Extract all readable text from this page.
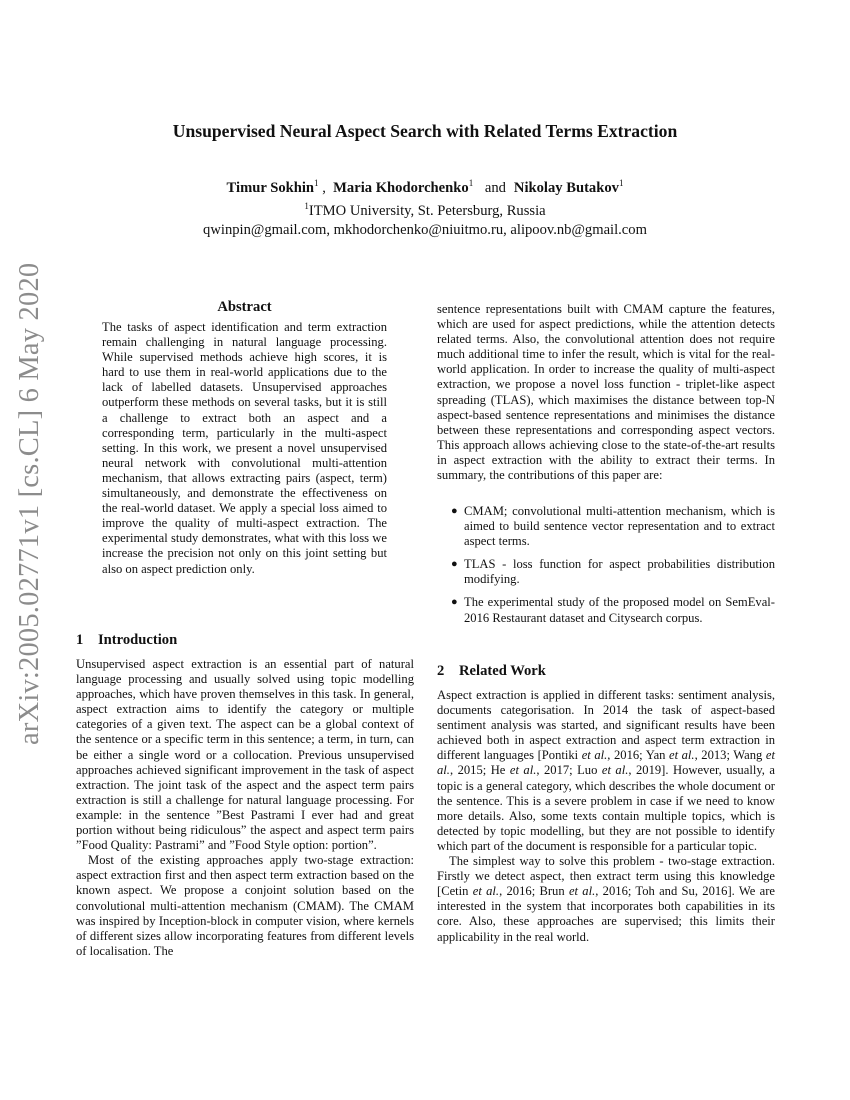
arXiv:2005.02771v1 [cs.CL] 6 May 2020
Unsupervised Neural Aspect Search with Related Terms Extraction
Timur Sokhin$^1$ , Maria Khodorchenko$^1$ and Nikolay Butakov$^1$
$^1$ITMO University, St. Petersburg, Russia
qwinpin@gmail.com, mkhodorchenko@niuitmo.ru, alipoov.nb@gmail.com
Abstract

The tasks of aspect identification and term extraction remain challenging in natural language processing. While supervised methods achieve high scores, it is hard to use them in real-world applications due to the lack of labelled datasets. Unsupervised approaches outperform these methods on several tasks, but it is still a challenge to extract both an aspect and a corresponding term, particularly in the multi-aspect setting. In this work, we present a novel unsupervised neural network with convolutional multi-attention mechanism, that allows extracting pairs (aspect, term) simultaneously, and demonstrate the effectiveness on the real-world dataset. We apply a special loss aimed to improve the quality of multi-aspect extraction. The experimental study demonstrates, what with this loss we increase the precision not only on this joint setting but also on aspect prediction only.

1 Introduction

Unsupervised aspect extraction is an essential part of natural language processing and usually solved using topic modelling approaches, which have proven themselves in this task. In general, aspect extraction aims to identify the category or multiple categories of a given text. The aspect can be a global context of the sentence or a specific term in this sentence; a term, in turn, can be either a single word or a collocation. Previous unsupervised approaches achieved significant improvement in the task of aspect extraction. The joint task of the aspect and the aspect term pairs extraction is still a challenge for natural language processing. For example: in the sentence ”Best Pastrami I ever had and great portion without being ridiculous” the aspect and aspect term pairs ”Food Quality: Pastrami” and ”Food Style option: portion”.

Most of the existing approaches apply two-stage extraction: aspect extraction first and then aspect term extraction based on the known aspect. We propose a conjoint solution based on the convolutional multi-attention mechanism (CMAM). The CMAM was inspired by Inception-block in computer vision, where kernels of different sizes allow incorporating features from different levels of localisation. The

sentence representations built with CMAM capture the features, which are used for aspect predictions, while the attention detects related terms. Also, the convolutional attention does not require much additional time to infer the result, which is vital for the real-world application. In order to increase the quality of multi-aspect extraction, we propose a novel loss function - triplet-like aspect spreading (TLAS), which maximises the distance between top-N aspect-based sentence representations and minimises the distance between these representations and corresponding aspect vectors. This approach allows achieving close to the state-of-the-art results in aspect extraction with the ability to extract their terms. In summary, the contributions of this paper are:

● CMAM; convolutional multi-attention mechanism, which is aimed to build sentence vector representation and to extract aspect terms.

● TLAS - loss function for aspect probabilities distribution modifying.

● The experimental study of the proposed model on SemEval-2016 Restaurant dataset and Citysearch corpus.

2 Related Work

Aspect extraction is applied in different tasks: sentiment analysis, documents categorisation. In 2014 the task of aspect-based sentiment analysis was started, and significant results have been achieved both in aspect extraction and aspect term extraction in different languages [Pontiki et al., 2016; Yan et al., 2013; Wang et al., 2015; He et al., 2017; Luo et al., 2019]. However, usually, a topic is a general category, which describes the whole document or the sentence. This is a severe problem in case if we need to know more details. Also, some texts contain multiple topics, which is detected by topic modelling, but they are not possible to identify which part of the document is responsible for a particular topic.

The simplest way to solve this problem - two-stage extraction. Firstly we detect aspect, then extract term using this knowledge [Cetin et al., 2016; Brun et al., 2016; Toh and Su, 2016]. We are interested in the system that incorporates both capabilities in its core. Also, these approaches are supervised; this limits their applicability in the real world.
